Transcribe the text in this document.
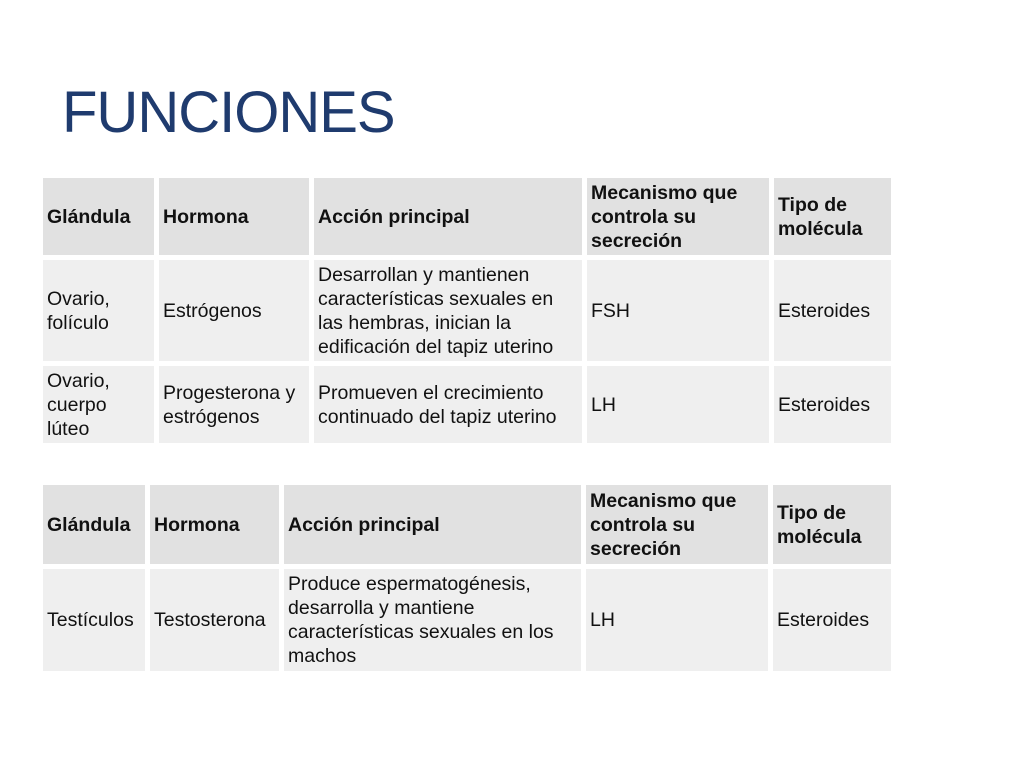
FUNCIONES
Glándula	Hormona	Acción principal	Mecanismo que controla su secreción	Tipo de molécula
Ovario, folículo	Estrógenos	Desarrollan y mantienen características sexuales en las hembras, inician la edificación del tapiz uterino	FSH	Esteroides
Ovario, cuerpo lúteo	Progesterona y estrógenos	Promueven el crecimiento continuado del tapiz uterino	LH	Esteroides
Glándula	Hormona	Acción principal	Mecanismo que controla su secreción	Tipo de molécula
Testículos	Testosterona	Produce espermatogénesis, desarrolla y mantiene características sexuales en los machos	LH	Esteroides
